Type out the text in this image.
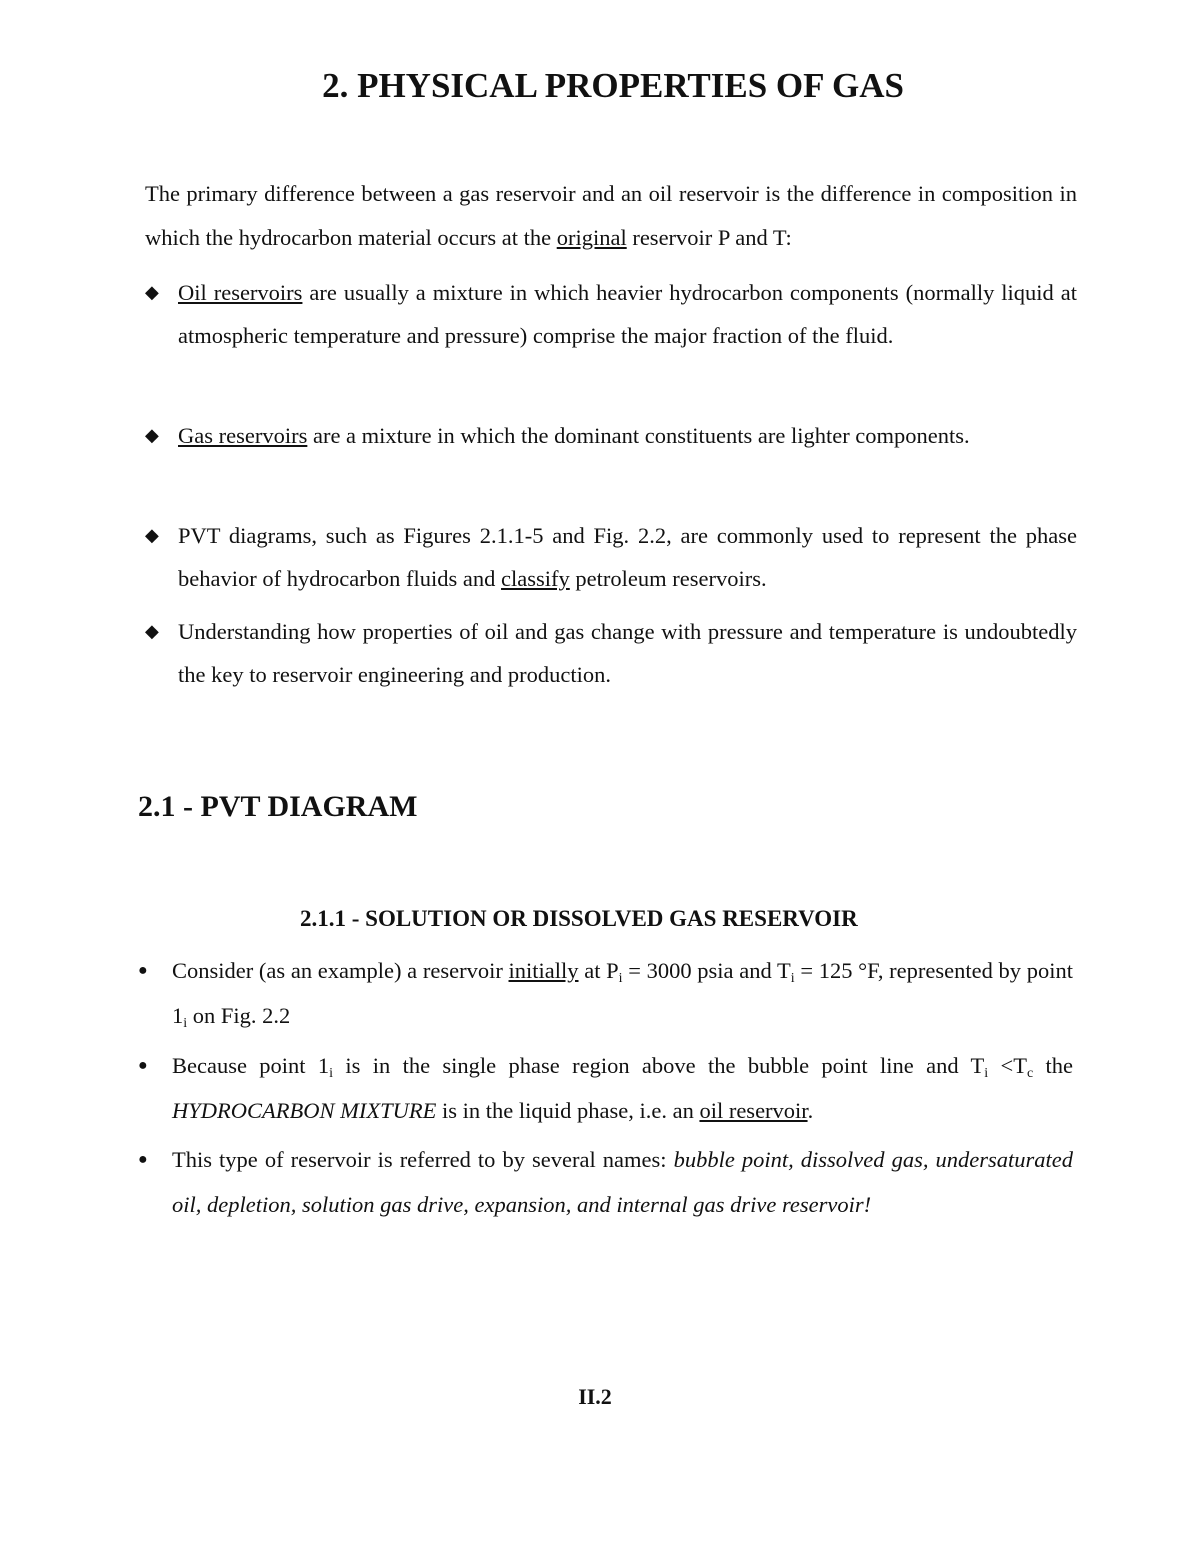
2. PHYSICAL PROPERTIES OF GAS
The primary difference between a gas reservoir and an oil reservoir is the difference in composition in which the hydrocarbon material occurs at the original reservoir P and T:
◆ Oil reservoirs are usually a mixture in which heavier hydrocarbon components (normally liquid at atmospheric temperature and pressure) comprise the major fraction of the fluid.
◆ Gas reservoirs are a mixture in which the dominant constituents are lighter components.
◆ PVT diagrams, such as Figures 2.1.1-5 and Fig. 2.2, are commonly used to represent the phase behavior of hydrocarbon fluids and classify petroleum reservoirs.
◆ Understanding how properties of oil and gas change with pressure and temperature is undoubtedly the key to reservoir engineering and production.
2.1 - PVT DIAGRAM
2.1.1 - SOLUTION OR DISSOLVED GAS RESERVOIR
●	Consider (as an example) a reservoir initially at $P_i = 3000$ psia and $T_i = 125$ °F, represented by point $1_i$ on Fig. 2.2
●	Because point $1_i$ is in the single phase region above the bubble point line and $T_i <T_c$ the HYDROCARBON MIXTURE is in the liquid phase, i.e. an oil reservoir.
●	This type of reservoir is referred to by several names: bubble point, dissolved gas, undersaturated oil, depletion, solution gas drive, expansion, and internal gas drive reservoir!
II.2
